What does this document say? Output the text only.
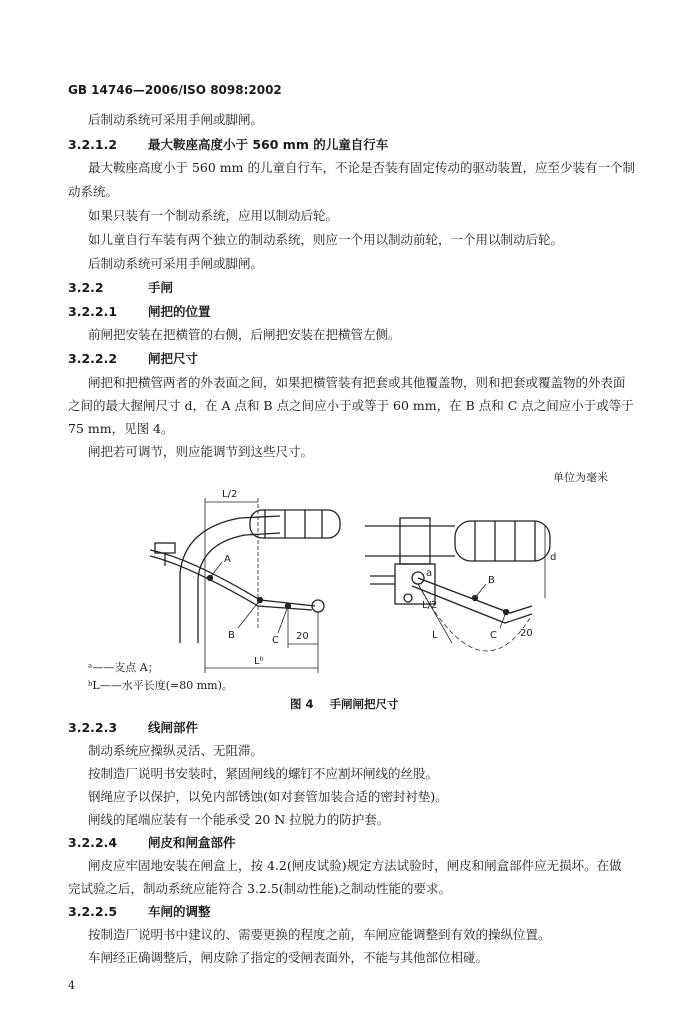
GB 14746—2006/ISO 8098:2002
后制动系统可采用手闸或脚闸。
3.2.1.2 最大鞍座高度小于 560 mm 的儿童自行车
最大鞍座高度小于 560 mm 的儿童自行车，不论是否装有固定传动的驱动装置，应至少装有一个制
动系统。
如果只装有一个制动系统，应用以制动后轮。
如儿童自行车装有两个独立的制动系统，则应一个用以制动前轮，一个用以制动后轮。
后制动系统可采用手闸或脚闸。
3.2.2	手闸
3.2.2.1 闸把的位置
前闸把安装在把横管的右侧，后闸把安装在把横管左侧。
3.2.2.2 闸把尺寸
闸把和把横管两者的外表面之间，如果把横管装有把套或其他覆盖物，则和把套或覆盖物的外表面
之间的最大握闸尺寸 d，在 A 点和 B 点之间应小于或等于 60 mm，在 B 点和 C 点之间应小于或等于
75 mm，见图 4。
闸把若可调节，则应能调节到这些尺寸。
单位为毫米
L/2
A
B	C 20
Lᵇ
a
d
L/2
L
B
C 20
ᵃ——支点 A；
ᵇL——水平长度(=80 mm)。
图 4 手闸闸把尺寸
3.2.2.3 线闸部件
制动系统应操纵灵活、无阻滞。
按制造厂说明书安装时，紧固闸线的螺钉不应割坏闸线的丝股。
钢绳应予以保护，以免内部锈蚀(如对套管加装合适的密封衬垫)。
闸线的尾端应装有一个能承受 20 N 拉脱力的防护套。
3.2.2.4 闸皮和闸盒部件
闸皮应牢固地安装在闸盒上，按 4.2(闸皮试验)规定方法试验时，闸皮和闸盒部件应无损坏。在做
完试验之后，制动系统应能符合 3.2.5(制动性能)之制动性能的要求。
3.2.2.5 车闸的调整
按制造厂说明书中建议的、需要更换的程度之前，车闸应能调整到有效的操纵位置。
车闸经正确调整后，闸皮除了指定的受闸表面外，不能与其他部位相碰。
4
